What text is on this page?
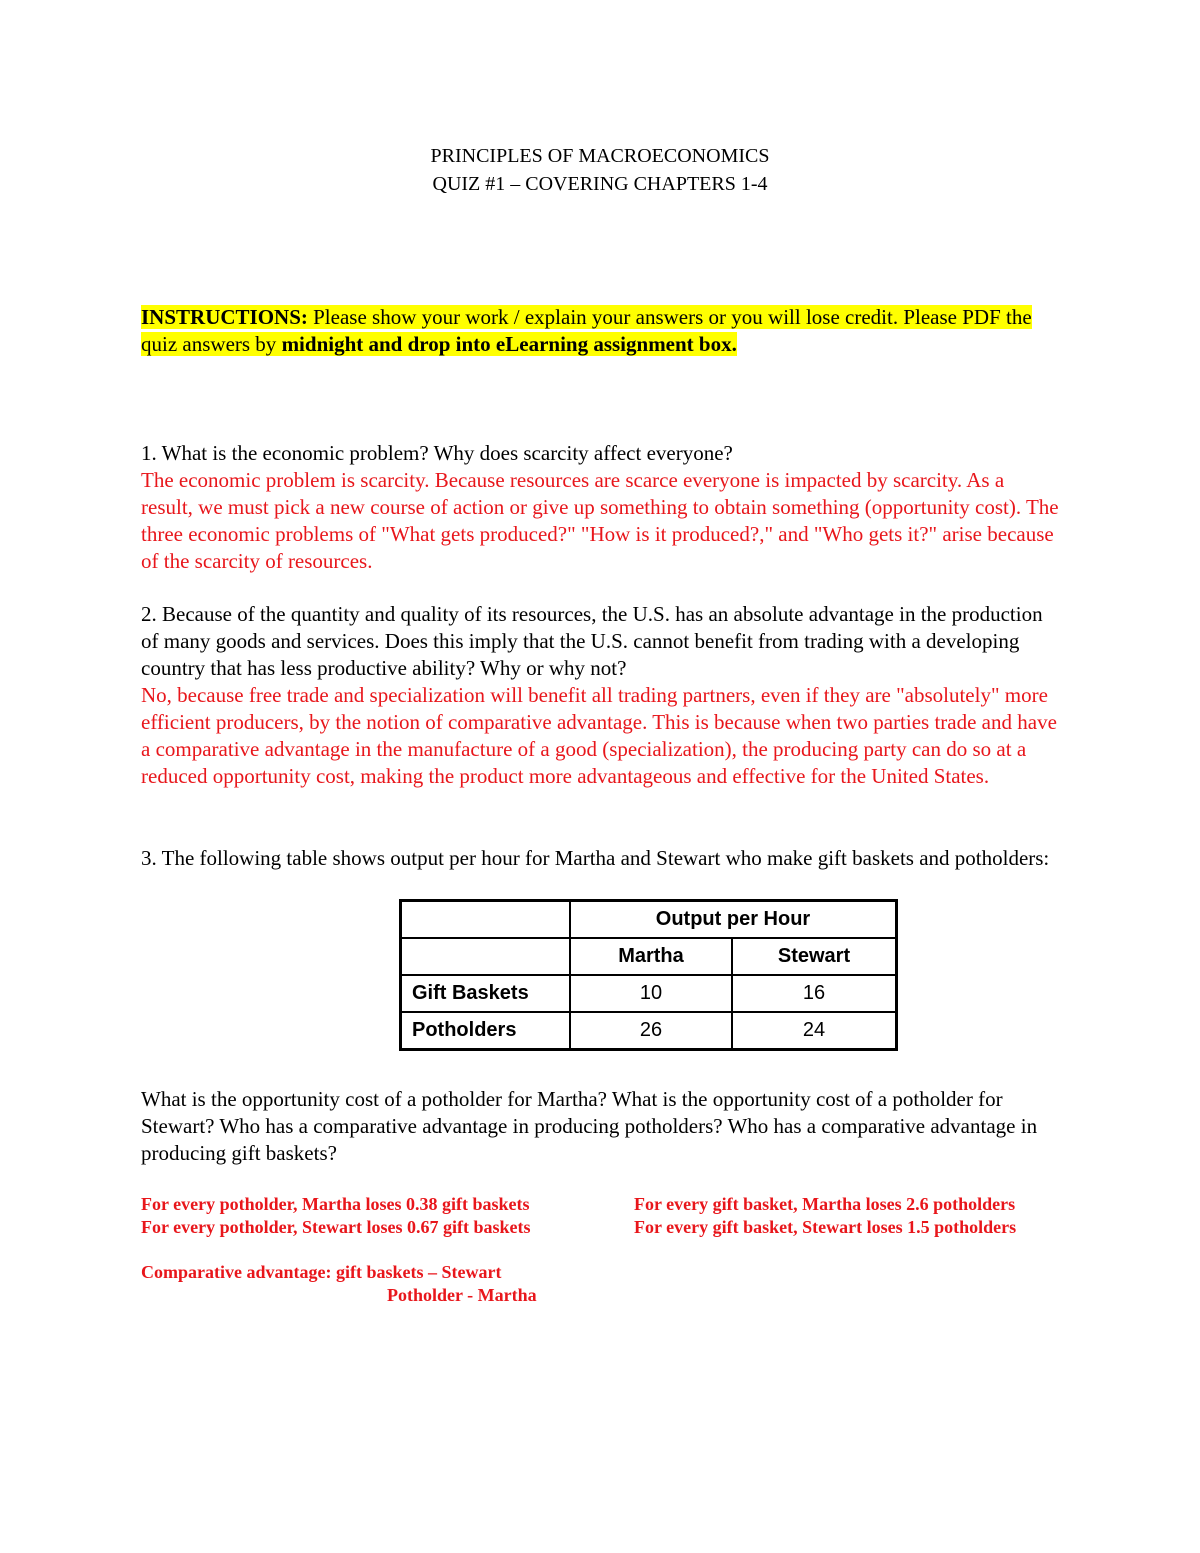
PRINCIPLES OF MACROECONOMICS
QUIZ #1 – COVERING CHAPTERS 1-4
INSTRUCTIONS: Please show your work / explain your answers or you will lose credit. Please PDF the quiz answers by midnight and drop into eLearning assignment box.
1. What is the economic problem? Why does scarcity affect everyone?
The economic problem is scarcity. Because resources are scarce everyone is impacted by scarcity. As a result, we must pick a new course of action or give up something to obtain something (opportunity cost). The three economic problems of "What gets produced?" "How is it produced?," and "Who gets it?" arise because of the scarcity of resources.
2. Because of the quantity and quality of its resources, the U.S. has an absolute advantage in the production of many goods and services. Does this imply that the U.S. cannot benefit from trading with a developing country that has less productive ability? Why or why not?
No, because free trade and specialization will benefit all trading partners, even if they are "absolutely" more efficient producers, by the notion of comparative advantage. This is because when two parties trade and have a comparative advantage in the manufacture of a good (specialization), the producing party can do so at a reduced opportunity cost, making the product more advantageous and effective for the United States.
3. The following table shows output per hour for Martha and Stewart who make gift baskets and potholders:
	Output per Hour	
	Martha	Stewart
Gift Baskets	10	16
Potholders	26	24
What is the opportunity cost of a potholder for Martha? What is the opportunity cost of a potholder for Stewart? Who has a comparative advantage in producing potholders? Who has a comparative advantage in producing gift baskets?
For every potholder, Martha loses 0.38 gift baskets
For every potholder, Stewart loses 0.67 gift baskets
For every gift basket, Martha loses 2.6 potholders
For every gift basket, Stewart loses 1.5 potholders
Comparative advantage: gift baskets – Stewart
Potholder - Martha
